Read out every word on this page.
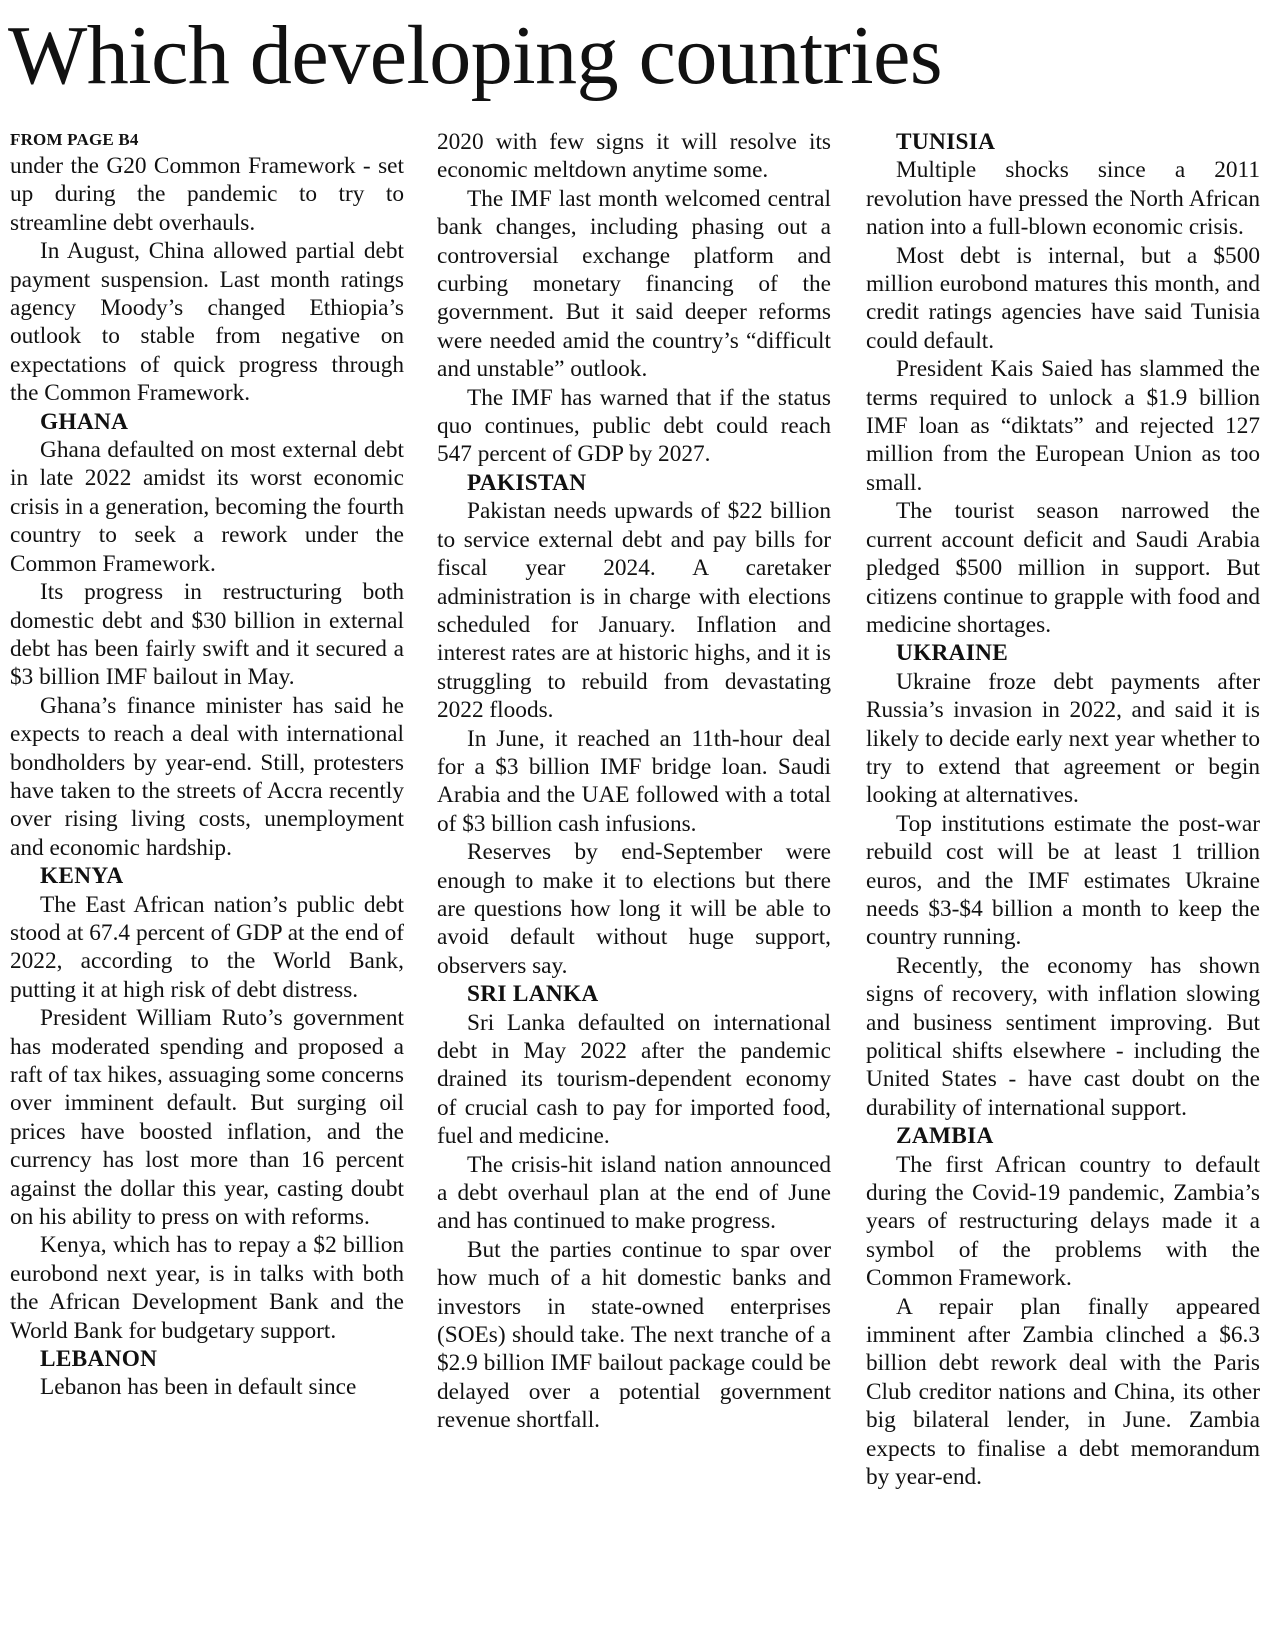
Which developing countries
FROM PAGE B4

under the G20 Common Framework - set up during the pandemic to try to streamline debt overhauls.

In August, China allowed partial debt payment suspension. Last month ratings agency Moody’s changed Ethiopia’s outlook to stable from negative on expectations of quick progress through the Common Framework.

GHANA

Ghana defaulted on most external debt in late 2022 amidst its worst economic crisis in a generation, becoming the fourth country to seek a rework under the Common Framework.

Its progress in restructuring both domestic debt and $30 billion in external debt has been fairly swift and it secured a $3 billion IMF bailout in May.

Ghana’s finance minister has said he expects to reach a deal with international bondholders by year-end. Still, protesters have taken to the streets of Accra recently over rising living costs, unemployment and economic hardship.

KENYA

The East African nation’s public debt stood at 67.4 percent of GDP at the end of 2022, according to the World Bank, putting it at high risk of debt distress.

President William Ruto’s government has moderated spending and proposed a raft of tax hikes, assuaging some concerns over imminent default. But surging oil prices have boosted inflation, and the currency has lost more than 16 percent against the dollar this year, casting doubt on his ability to press on with reforms.

Kenya, which has to repay a $2 billion eurobond next year, is in talks with both the African Development Bank and the World Bank for budgetary support.

LEBANON

Lebanon has been in default since

2020 with few signs it will resolve its economic meltdown anytime some.

The IMF last month welcomed central bank changes, including phasing out a controversial exchange platform and curbing monetary financing of the government. But it said deeper reforms were needed amid the country’s “difficult and unstable” outlook.

The IMF has warned that if the status quo continues, public debt could reach 547 percent of GDP by 2027.

PAKISTAN

Pakistan needs upwards of $22 billion to service external debt and pay bills for fiscal year 2024. A caretaker administration is in charge with elections scheduled for January. Inflation and interest rates are at historic highs, and it is struggling to rebuild from devastating 2022 floods.

In June, it reached an 11th-hour deal for a $3 billion IMF bridge loan. Saudi Arabia and the UAE followed with a total of $3 billion cash infusions.

Reserves by end-September were enough to make it to elections but there are questions how long it will be able to avoid default without huge support, observers say.

SRI LANKA

Sri Lanka defaulted on international debt in May 2022 after the pandemic drained its tourism-dependent economy of crucial cash to pay for imported food, fuel and medicine.

The crisis-hit island nation announced a debt overhaul plan at the end of June and has continued to make progress.

But the parties continue to spar over how much of a hit domestic banks and investors in state-owned enterprises (SOEs) should take. The next tranche of a $2.9 billion IMF bailout package could be delayed over a potential government revenue shortfall.

TUNISIA

Multiple shocks since a 2011 revolution have pressed the North African nation into a full-blown economic crisis.

Most debt is internal, but a $500 million eurobond matures this month, and credit ratings agencies have said Tunisia could default.

President Kais Saied has slammed the terms required to unlock a $1.9 billion IMF loan as “diktats” and rejected 127 million from the European Union as too small.

The tourist season narrowed the current account deficit and Saudi Arabia pledged $500 million in support. But citizens continue to grapple with food and medicine shortages.

UKRAINE

Ukraine froze debt payments after Russia’s invasion in 2022, and said it is likely to decide early next year whether to try to extend that agreement or begin looking at alternatives.

Top institutions estimate the post-war rebuild cost will be at least 1 trillion euros, and the IMF estimates Ukraine needs $3-$4 billion a month to keep the country running.

Recently, the economy has shown signs of recovery, with inflation slowing and business sentiment improving. But political shifts elsewhere - including the United States - have cast doubt on the durability of international support.

ZAMBIA

The first African country to default during the Covid-19 pandemic, Zambia’s years of restructuring delays made it a symbol of the problems with the Common Framework.

A repair plan finally appeared imminent after Zambia clinched a $6.3 billion debt rework deal with the Paris Club creditor nations and China, its other big bilateral lender, in June. Zambia expects to finalise a debt memorandum by year-end.
